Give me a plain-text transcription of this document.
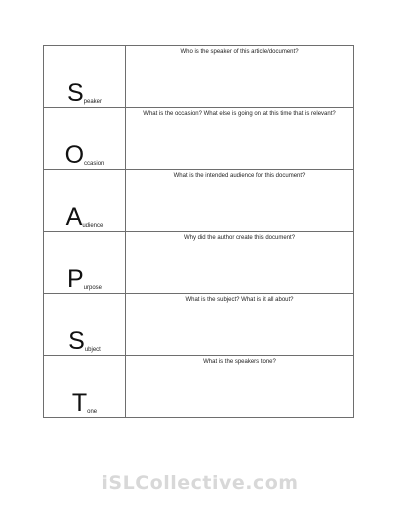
S peaker	Who is the speaker of this article/document?

O ccasion	What is the occasion? What else is going on at this time that is relevant?

A udience	What is the intended audience for this document?

P urpose	Why did the author create this document?

S ubject	What is the subject? What is it all about?

T one	What is the speakers tone?
iSLCollective.com
